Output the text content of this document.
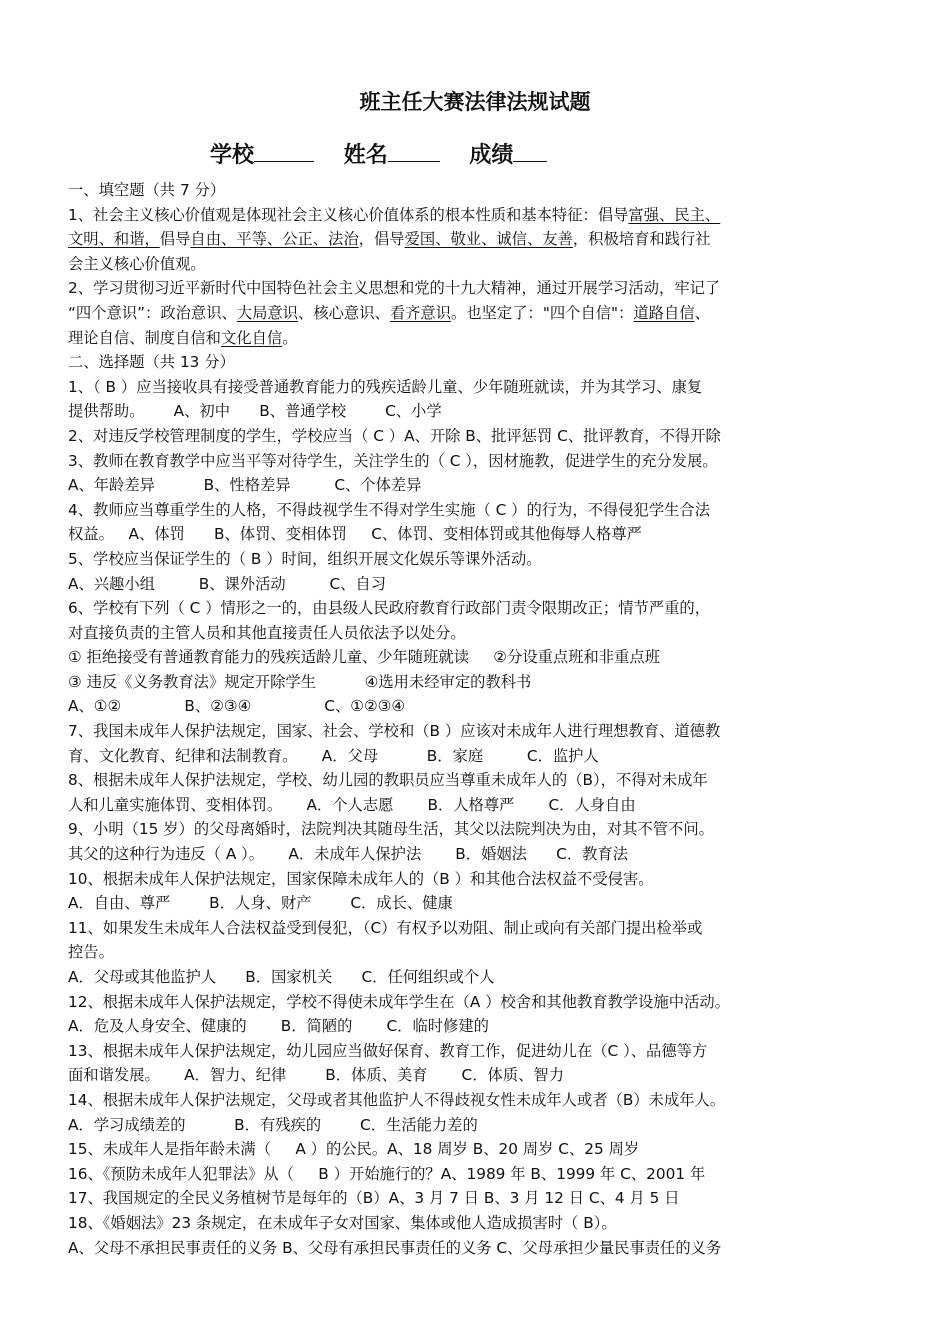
班主任大赛法律法规试题
学校	姓名	成绩
一、填空题（共 7 分）
1、社会主义核心价值观是体现社会主义核心价值体系的根本性质和基本特征：倡导富强、民主、
文明、和谐，倡导自由、平等、公正、法治，倡导爱国、敬业、诚信、友善，积极培育和践行社
会主义核心价值观。
2、学习贯彻习近平新时代中国特色社会主义思想和党的十九大精神，通过开展学习活动，牢记了
“四个意识”：政治意识、大局意识、核心意识、看齐意识。也坚定了："四个自信"：道路自信、
理论自信、制度自信和文化自信。
二、选择题（共 13 分）
1、（ B ）应当接收具有接受普通教育能力的残疾适龄儿童、少年随班就读，并为其学习、康复
提供帮助。      A、初中      B、普通学校        C、小学
2、对违反学校管理制度的学生，学校应当（ C ）A、开除 B、批评惩罚 C、批评教育，不得开除
3、教师在教育教学中应当平等对待学生，关注学生的（ C ），因材施教，促进学生的充分发展。
A、年龄差异          B、性格差异         C、个体差异
4、教师应当尊重学生的人格，不得歧视学生不得对学生实施（ C ）的行为，不得侵犯学生合法
权益。   A、体罚      B、体罚、变相体罚     C、体罚、变相体罚或其他侮辱人格尊严
5、学校应当保证学生的（ B ）时间，组织开展文化娱乐等课外活动。
A、兴趣小组         B、课外活动         C、自习
6、学校有下列（ C ）情形之一的，由县级人民政府教育行政部门责令限期改正；情节严重的，
对直接负责的主管人员和其他直接责任人员依法予以处分。
① 拒绝接受有普通教育能力的残疾适龄儿童、少年随班就读     ②分设重点班和非重点班
③ 违反《义务教育法》规定开除学生          ④选用未经审定的教科书
A、①②             B、②③④               C、①②③④
7、我国未成年人保护法规定，国家、社会、学校和（B ）应该对未成年人进行理想教育、道德教
育、文化教育、纪律和法制教育。     A．父母          B．家庭         C．监护人
8、根据未成年人保护法规定，学校、幼儿园的教职员应当尊重未成年人的（B），不得对未成年
人和儿童实施体罚、变相体罚。     A．个人志愿       B．人格尊严       C．人身自由
9、小明（15 岁）的父母离婚时，法院判决其随母生活，其父以法院判决为由，对其不管不问。
其父的这种行为违反（ A ）。     A．未成年人保护法       B．婚姻法      C．教育法
10、根据未成年人保护法规定，国家保障未成年人的（B ）和其他合法权益不受侵害。
A．自由、尊严        B．人身、财产        C．成长、健康
11、如果发生未成年人合法权益受到侵犯，（C）有权予以劝阻、制止或向有关部门提出检举或
控告。
A．父母或其他监护人      B．国家机关      C．任何组织或个人
12、根据未成年人保护法规定，学校不得使未成年学生在（A ）校舍和其他教育教学设施中活动。
A．危及人身安全、健康的       B．简陋的       C．临时修建的
13、根据未成年人保护法规定，幼儿园应当做好保育、教育工作，促进幼儿在（C ）、品德等方
面和谐发展。     A．智力、纪律        B．体质、美育       C．体质、智力
14、根据未成年人保护法规定，父母或者其他监护人不得歧视女性未成年人或者（B）未成年人。
A．学习成绩差的          B．有残疾的        C．生活能力差的
15、未成年人是指年龄未满（     A ）的公民。A、18 周岁 B、20 周岁 C、25 周岁
16、《预防未成年人犯罪法》从（     B ）开始施行的？A、1989 年 B、1999 年 C、2001 年
17、我国规定的全民义务植树节是每年的（B）A、3 月 7 日 B、3 月 12 日 C、4 月 5 日
18、《婚姻法》23 条规定，在未成年子女对国家、集体或他人造成损害时（ B）。
A、父母不承担民事责任的义务 B、父母有承担民事责任的义务 C、父母承担少量民事责任的义务
